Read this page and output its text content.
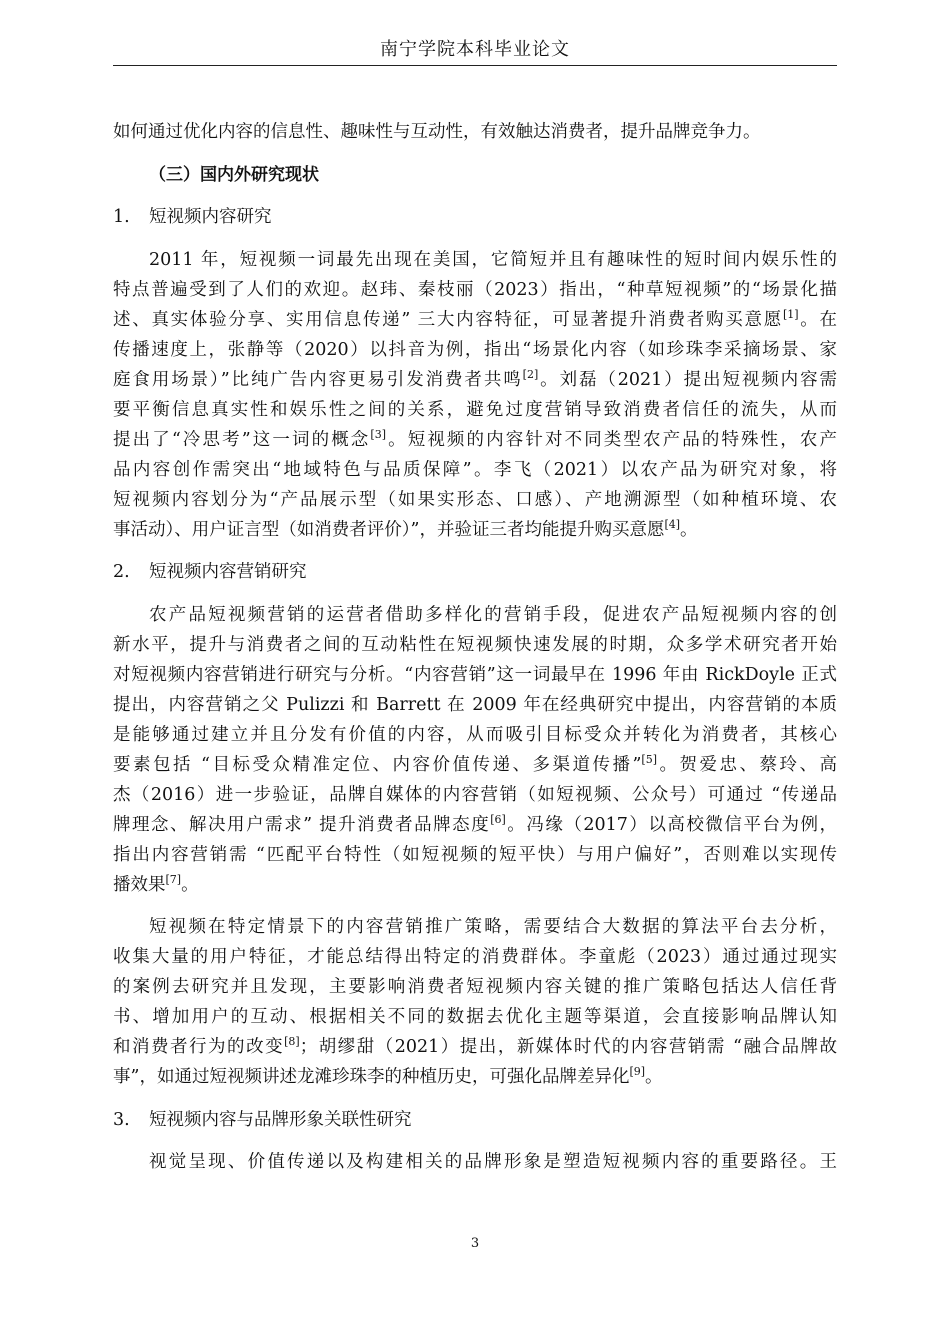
南宁学院本科毕业论文
如何通过优化内容的信息性、趣味性与互动性，有效触达消费者，提升品牌竞争力。
（三）国内外研究现状
1. 短视频内容研究
2011 年，短视频一词最先出现在美国，它简短并且有趣味性的短时间内娱乐性的
特点普遍受到了人们的欢迎。赵玮、秦枝丽（2023）指出，“种草短视频”的“场景化描
述、真实体验分享、实用信息传递” 三大内容特征，可显著提升消费者购买意愿[1]。在
传播速度上，张静等（2020）以抖音为例，指出“场景化内容（如珍珠李采摘场景、家
庭食用场景）”比纯广告内容更易引发消费者共鸣[2]。刘磊（2021）提出短视频内容需
要平衡信息真实性和娱乐性之间的关系，避免过度营销导致消费者信任的流失，从而
提出了“冷思考”这一词的概念[3]。短视频的内容针对不同类型农产品的特殊性，农产
品内容创作需突出“地域特色与品质保障”。李飞（2021）以农产品为研究对象，将
短视频内容划分为“产品展示型（如果实形态、口感）、产地溯源型（如种植环境、农
事活动）、用户证言型（如消费者评价）”，并验证三者均能提升购买意愿[4]。
2. 短视频内容营销研究
农产品短视频营销的运营者借助多样化的营销手段，促进农产品短视频内容的创
新水平，提升与消费者之间的互动粘性在短视频快速发展的时期，众多学术研究者开始
对短视频内容营销进行研究与分析。“内容营销”这一词最早在 1996 年由 RickDoyle 正式
提出，内容营销之父 Pulizzi 和 Barrett 在 2009 年在经典研究中提出，内容营销的本质
是能够通过建立并且分发有价值的内容，从而吸引目标受众并转化为消费者，其核心
要素包括 “目标受众精准定位、内容价值传递、多渠道传播”[5]。贺爱忠、蔡玲、高
杰（2016）进一步验证，品牌自媒体的内容营销（如短视频、公众号）可通过 “传递品
牌理念、解决用户需求” 提升消费者品牌态度[6]。冯缘（2017）以高校微信平台为例，
指出内容营销需 “匹配平台特性（如短视频的短平快）与用户偏好”，否则难以实现传
播效果[7]。
短视频在特定情景下的内容营销推广策略，需要结合大数据的算法平台去分析，
收集大量的用户特征，才能总结得出特定的消费群体。李童彪（2023）通过通过现实
的案例去研究并且发现，主要影响消费者短视频内容关键的推广策略包括达人信任背
书、增加用户的互动、根据相关不同的数据去优化主题等渠道，会直接影响品牌认知
和消费者行为的改变[8]；胡缪甜（2021）提出，新媒体时代的内容营销需 “融合品牌故
事”，如通过短视频讲述龙滩珍珠李的种植历史，可强化品牌差异化[9]。
3. 短视频内容与品牌形象关联性研究
视觉呈现、价值传递以及构建相关的品牌形象是塑造短视频内容的重要路径。王
3
